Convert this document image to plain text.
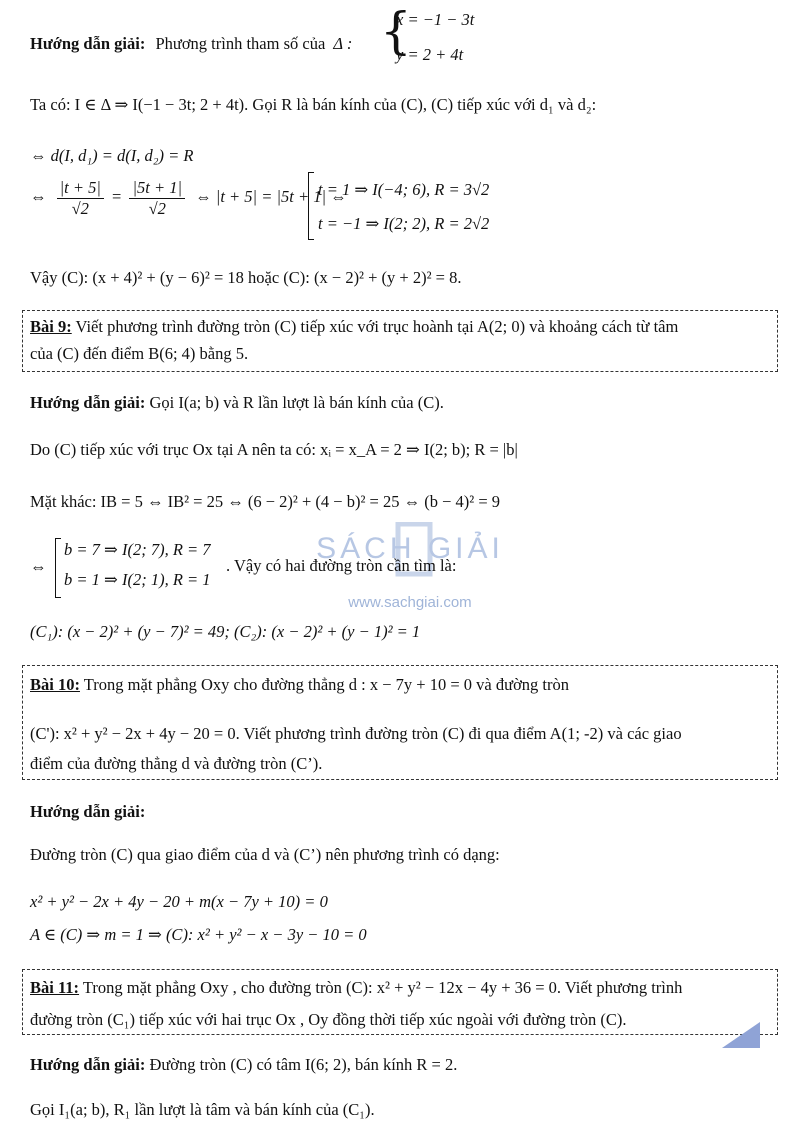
SÁCH GIẢI
www.sachgiai.com
Hướng dẫn giải: Phương trình tham số của Δ : {
x = −1 − 3t
y = 2 + 4t
Ta có: I ∈ Δ ⇒ I(−1 − 3t; 2 + 4t). Gọi R là bán kính của (C), (C) tiếp xúc với d₁ và d₂:
⇔ d(I, d₁) = d(I, d₂) = R
⇔ $\frac{|t + 5|}{√2} = \frac{|5t + 1|}{√2}$ ⇔ |t + 5| = |5t + 1| ⇔
t = 1 ⇒ I(−4; 6), R = 3√2
t = −1 ⇒ I(2; 2), R = 2√2
Vậy (C): (x + 4)² + (y − 6)² = 18 hoặc (C): (x − 2)² + (y + 2)² = 8.
Bài 9: Viết phương trình đường tròn (C) tiếp xúc với trục hoành tại A(2; 0) và khoảng cách từ tâm
của (C) đến điểm B(6; 4) bằng 5.
Hướng dẫn giải: Gọi I(a; b) và R lần lượt là bán kính của (C).
Do (C) tiếp xúc với trục Ox tại A nên ta có: xᵢ = x_A = 2 ⇒ I(2; b); R = |b|
Mặt khác: IB = 5 ⇔ IB² = 25 ⇔ (6 − 2)² + (4 − b)² = 25 ⇔ (b − 4)² = 9
⇔
b = 7 ⇒ I(2; 7), R = 7
b = 1 ⇒ I(2; 1), R = 1
. Vậy có hai đường tròn cần tìm là:
(C₁): (x − 2)² + (y − 7)² = 49; (C₂): (x − 2)² + (y − 1)² = 1
Bài 10: Trong mặt phẳng Oxy cho đường thẳng d : x − 7y + 10 = 0 và đường tròn
(C'): x² + y² − 2x + 4y − 20 = 0. Viết phương trình đường tròn (C) đi qua điểm A(1; -2) và các giao
điểm của đường thẳng d và đường tròn (C’).
Hướng dẫn giải:
Đường tròn (C) qua giao điểm của d và (C’) nên phương trình có dạng:
x² + y² − 2x + 4y − 20 + m(x − 7y + 10) = 0
A ∈ (C) ⇒ m = 1 ⇒ (C): x² + y² − x − 3y − 10 = 0
Bài 11: Trong mặt phẳng Oxy , cho đường tròn (C): x² + y² − 12x − 4y + 36 = 0. Viết phương trình
đường tròn (C₁) tiếp xúc với hai trục Ox , Oy đồng thời tiếp xúc ngoài với đường tròn (C).
Hướng dẫn giải: Đường tròn (C) có tâm I(6; 2), bán kính R = 2.
Gọi I₁(a; b), R₁ lần lượt là tâm và bán kính của (C₁).
